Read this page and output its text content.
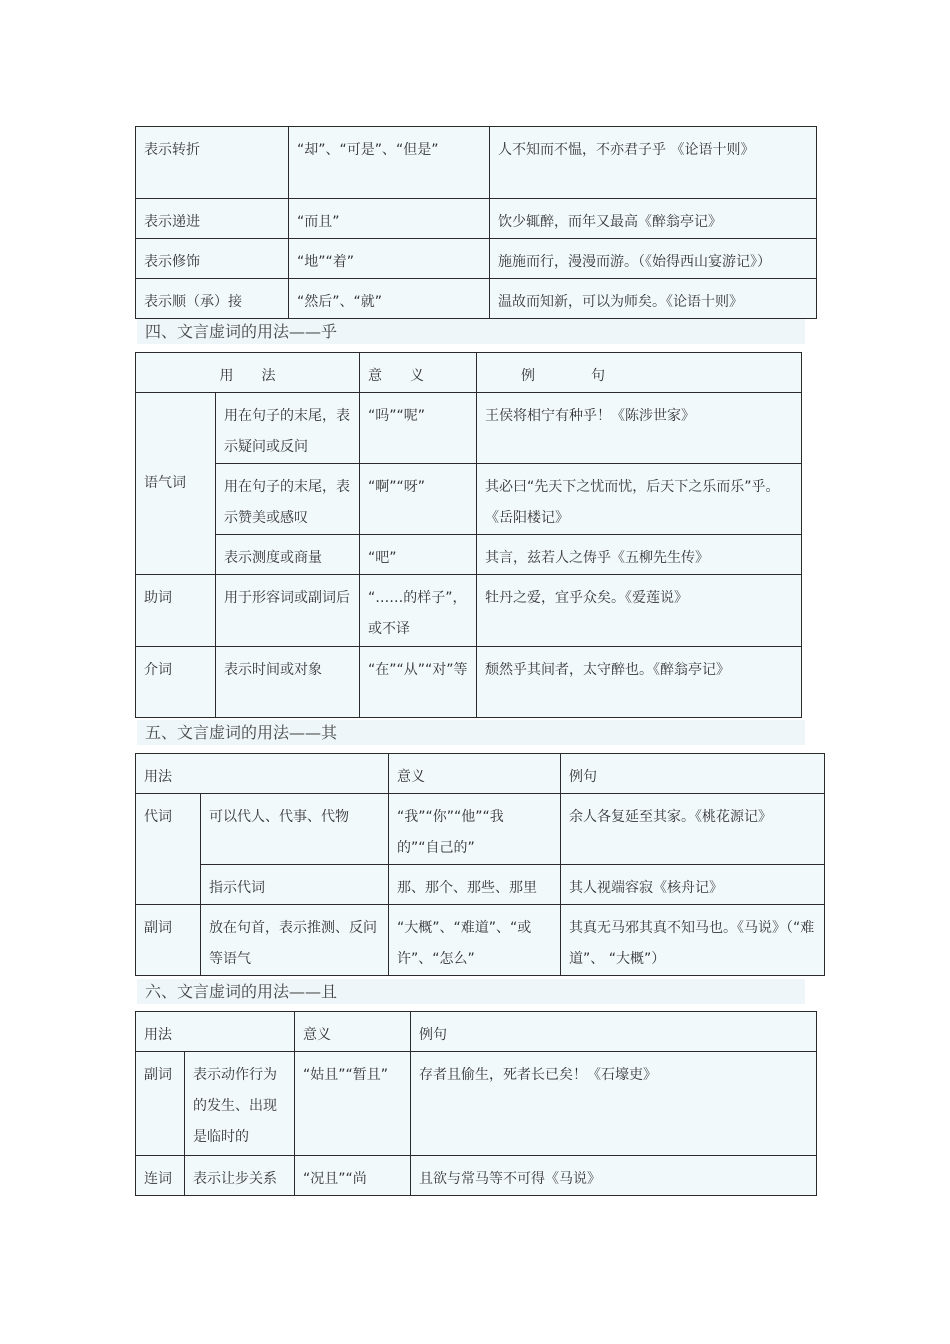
表示转折	“却”、“可是”、“但是”	人不知而不愠，不亦君子乎 《论语十则》
表示递进	“而且”	饮少辄醉，而年又最高《醉翁亭记》
表示修饰	“地”“着”	施施而行，漫漫而游。（《始得西山宴游记》）
表示顺（承）接	“然后”、“就”	温故而知新，可以为师矣。《论语十则》
四、文言虚词的用法——乎
用　　法		意　　义	例　　　　句
语气词	用在句子的末尾，表示疑问或反问	“吗”“呢”	王侯将相宁有种乎！《陈涉世家》
	用在句子的末尾，表示赞美或感叹	“啊”“呀”	其必曰“先天下之忧而忧，后天下之乐而乐”乎。《岳阳楼记》
	表示测度或商量	“吧”	其言，兹若人之俦乎《五柳先生传》
助词	用于形容词或副词后	“……的样子”，或不译	牡丹之爱，宜乎众矣。《爱莲说》
介词	表示时间或对象	“在”“从”“对”等	颓然乎其间者，太守醉也。《醉翁亭记》
五、文言虚词的用法——其
用法		意义	例句
代词	可以代人、代事、代物	“我”“你”“他”“我的”“自己的”	余人各复延至其家。《桃花源记》
	指示代词	那、那个、那些、那里	其人视端容寂《核舟记》
副词	放在句首，表示推测、反问等语气	“大概”、“难道”、“或许”、“怎么”	其真无马邪其真不知马也。《马说》（“难道”、 “大概”）
六、文言虚词的用法——且
用法		意义	例句
副词	表示动作行为的发生、出现是临时的	“姑且”“暂且”	存者且偷生，死者长已矣！《石壕吏》
连词	表示让步关系	“况且”“尚	且欲与常马等不可得《马说》
